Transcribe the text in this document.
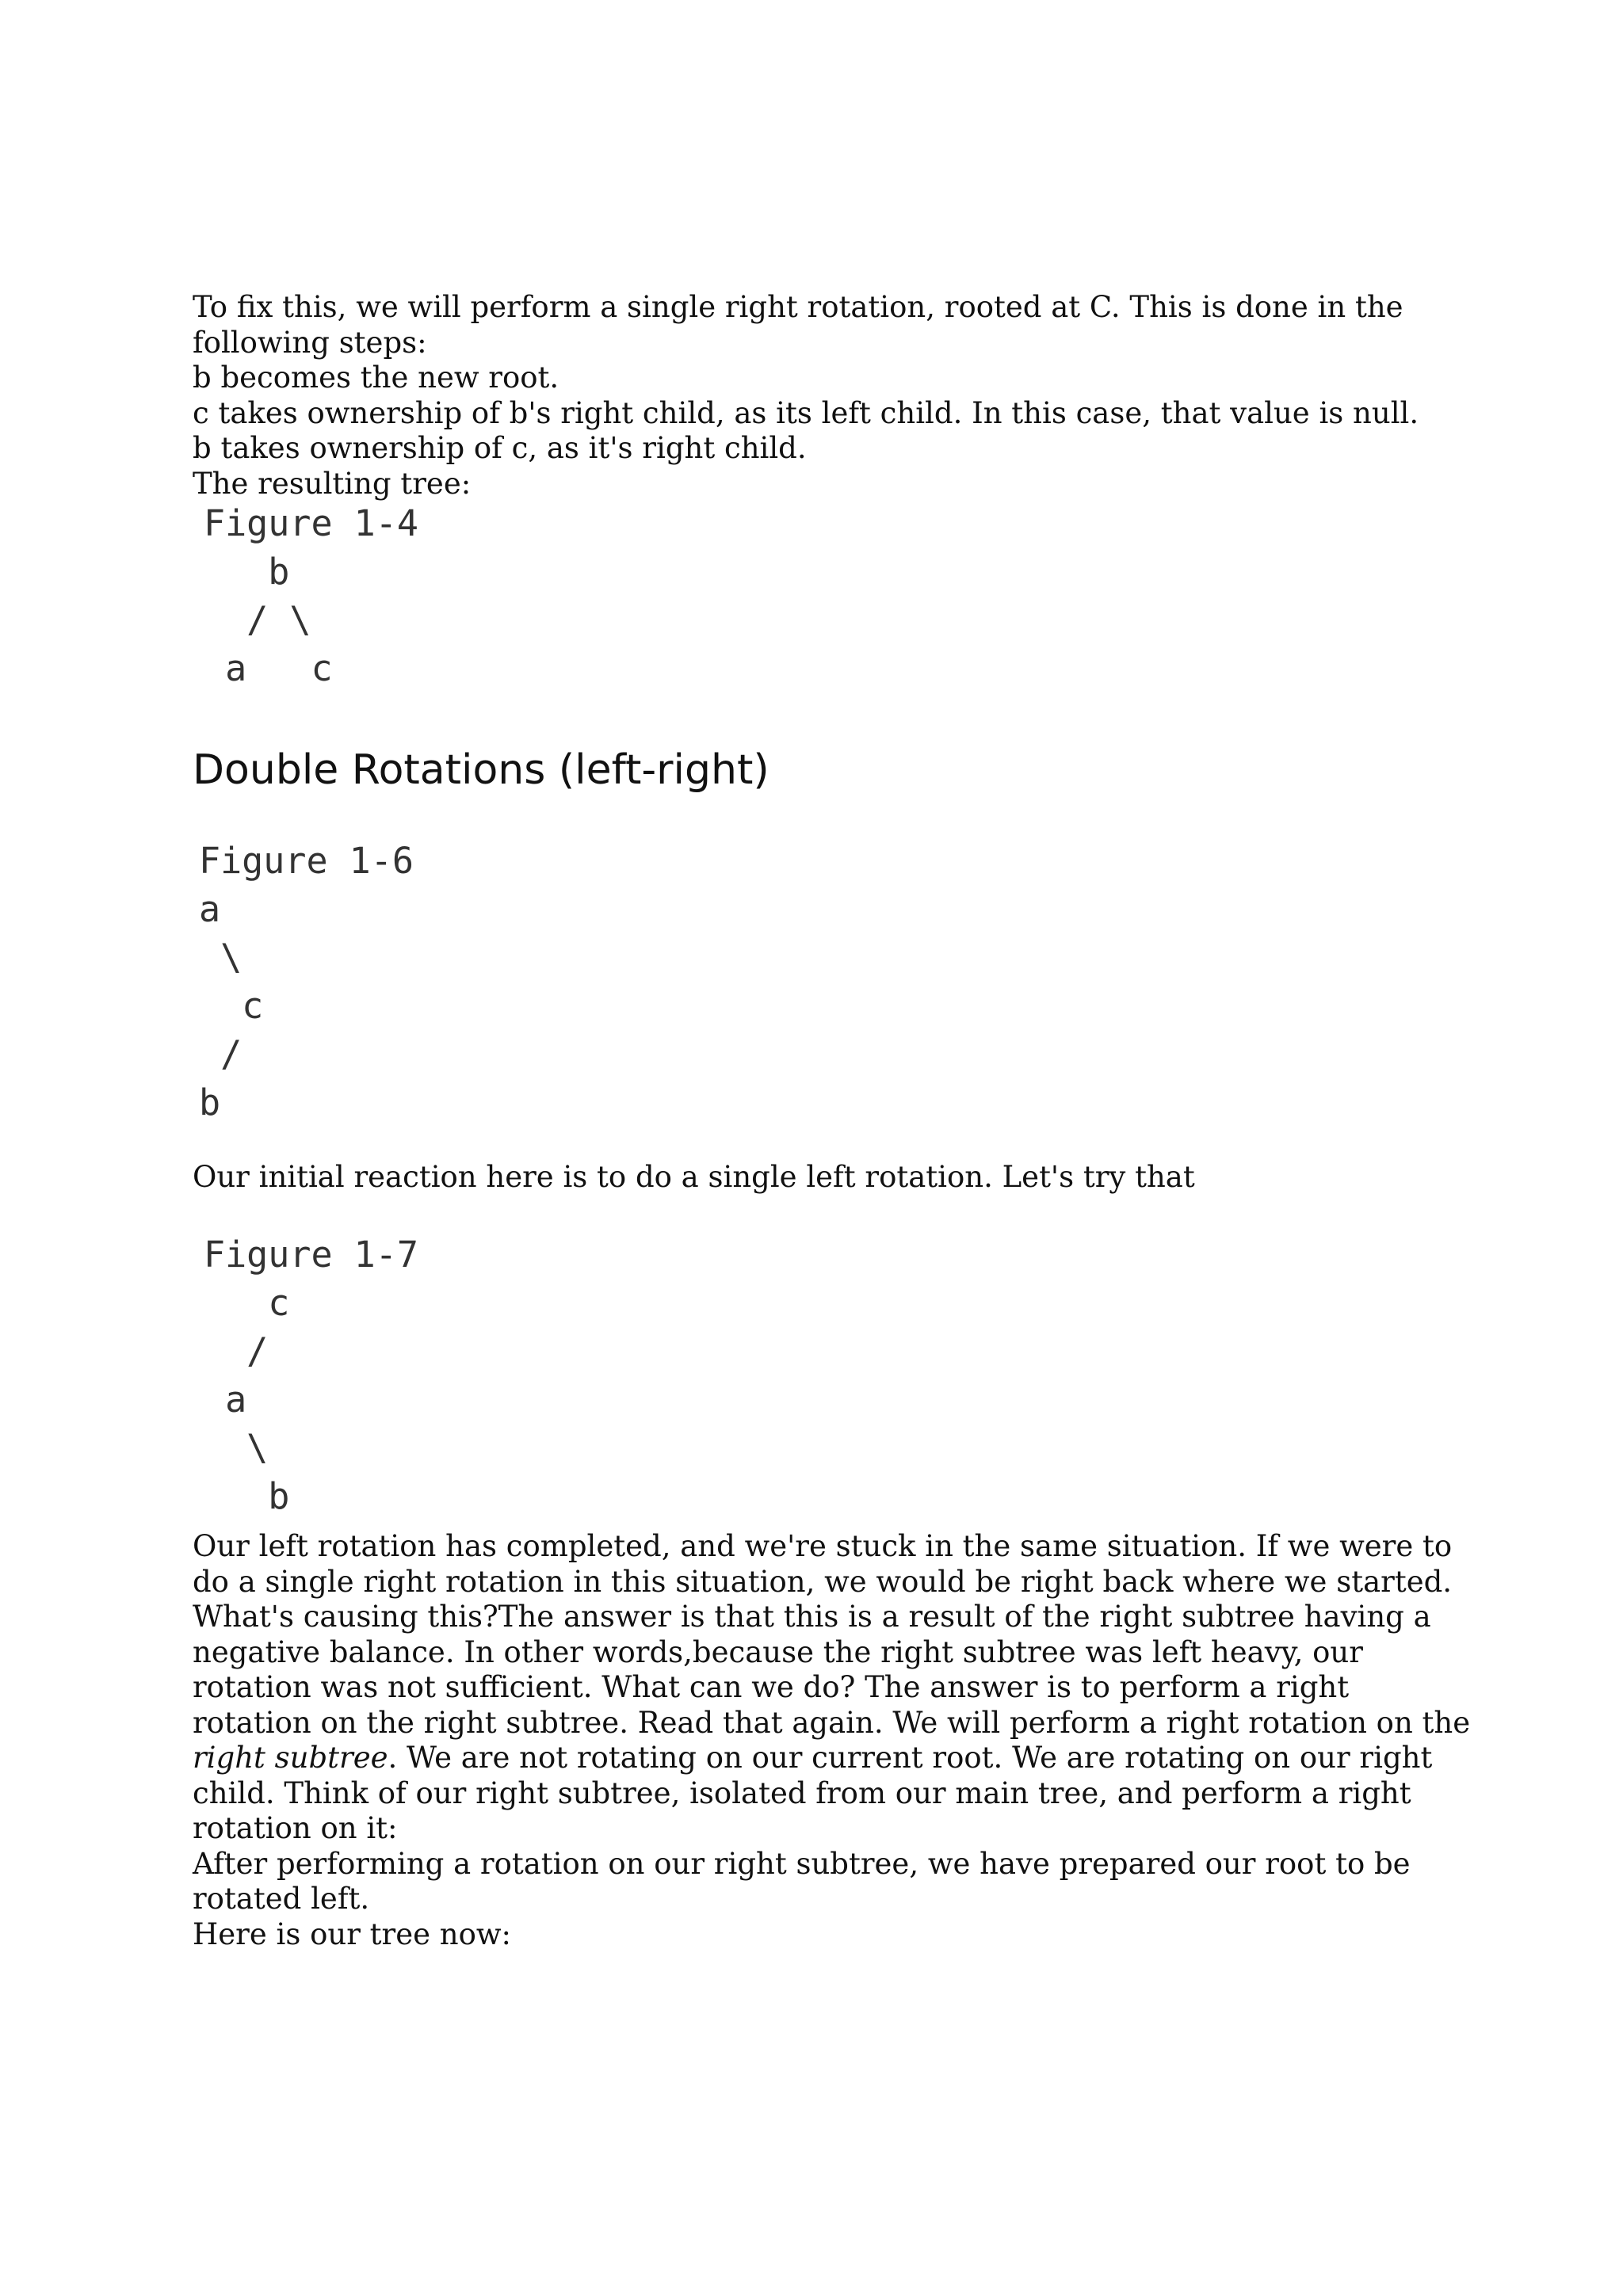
To fix this, we will perform a single right rotation, rooted at C. This is done in the following steps:

b becomes the new root.

c takes ownership of b's right child, as its left child. In this case, that value is null.

b takes ownership of c, as it's right child.

The resulting tree:

Figure 1-4

b

/ \

a   c

Double Rotations (left-right)

Figure 1-6

a

\

c

/

b

Our initial reaction here is to do a single left rotation. Let's try that

Figure 1-7

c

/

a

\

b

Our left rotation has completed, and we're stuck in the same situation. If we were to do a single right rotation in this situation, we would be right back where we started. What's causing this?The answer is that this is a result of the right subtree having a negative balance. In other words,because the right subtree was left heavy, our rotation was not sufficient. What can we do? The answer is to perform a right rotation on the right subtree. Read that again. We will perform a right rotation on the right subtree. We are not rotating on our current root. We are rotating on our right child. Think of our right subtree, isolated from our main tree, and perform a right rotation on it:

After performing a rotation on our right subtree, we have prepared our root to be rotated left.

Here is our tree now:
